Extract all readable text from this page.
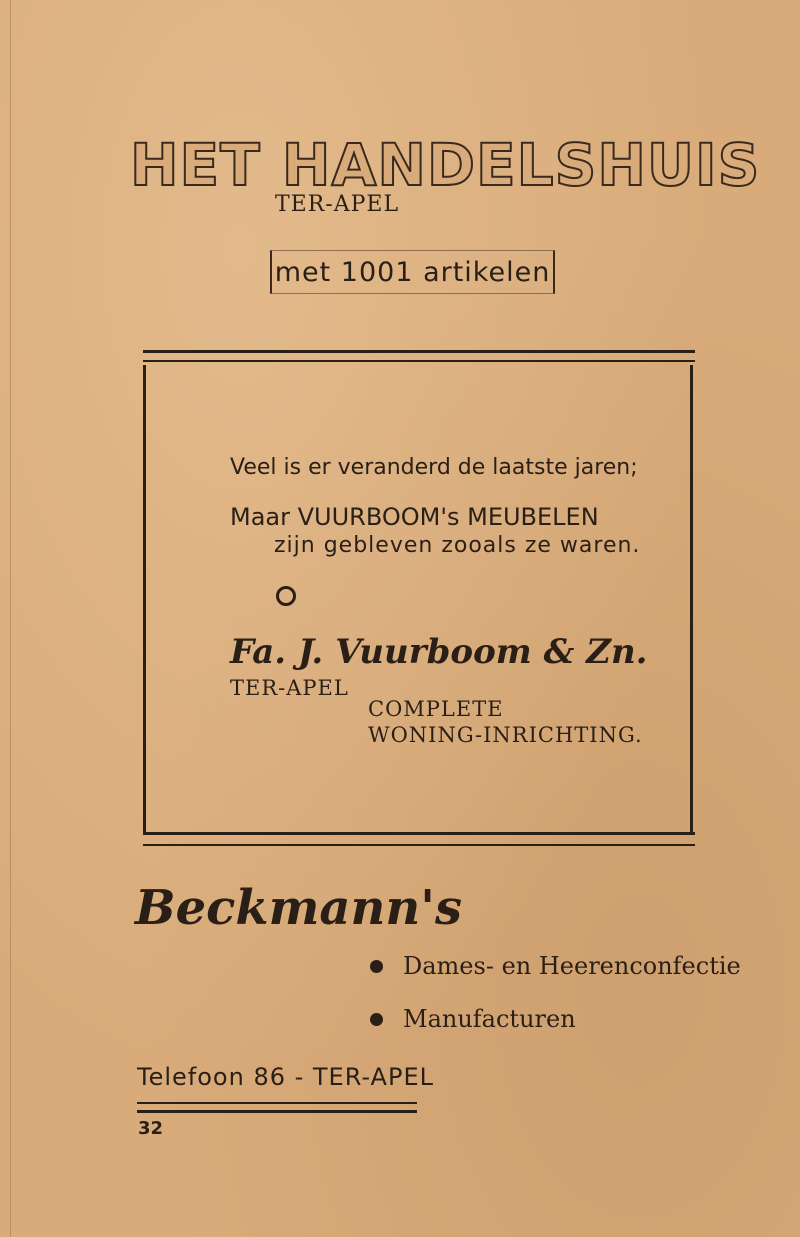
HET HANDELSHUIS
TER-APEL
met 1001 artikelen
Veel is er veranderd de laatste jaren;
Maar VUURBOOM's MEUBELEN
zijn gebleven zooals ze waren.
Fa. J. Vuurboom & Zn.
TER-APEL
COMPLETE
WONING-INRICHTING.
Beckmann's
Dames- en Heerenconfectie
Manufacturen
Telefoon 86 - TER-APEL
32
